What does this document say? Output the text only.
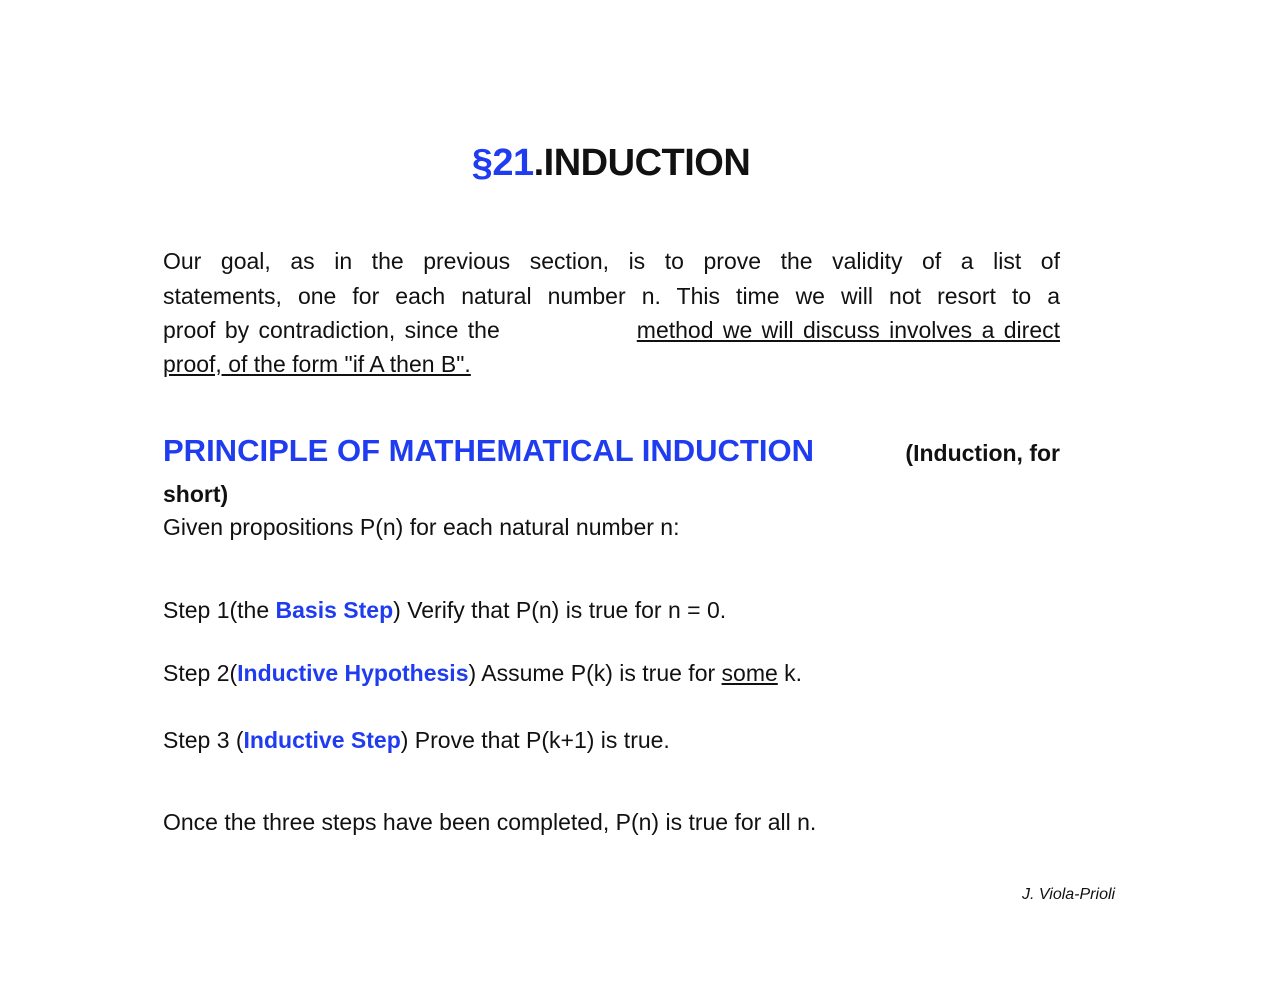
§21.INDUCTION
Our goal, as in the previous section, is to prove the validity of a list of
statements, one for each natural number n. This time we will not resort to a
proof by contradiction, since the	method we will discuss involves a direct
proof, of the form "if A then B".
PRINCIPLE OF MATHEMATICAL INDUCTION	(Induction, for
short)
Given propositions P(n) for each natural number n:
Step 1(the Basis Step) Verify that P(n) is true for n = 0.
Step 2(Inductive Hypothesis) Assume P(k) is true for some k.
Step 3 (Inductive Step) Prove that P(k+1) is true.
Once the three steps have been completed, P(n) is true for all n.
J. Viola-Prioli
